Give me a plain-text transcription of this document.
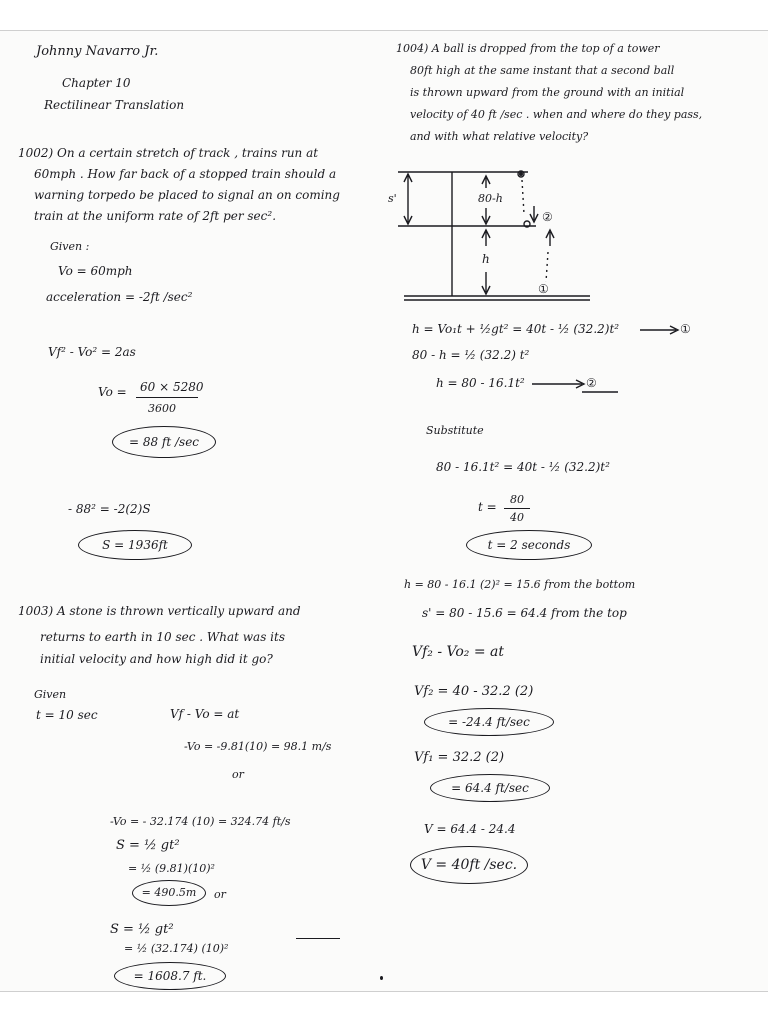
Johnny Navarro Jr.
Chapter 10
Rectilinear Translation
1002) On a certain stretch of track , trains run at
60mph . How far back of a stopped train should a
warning torpedo be placed to signal an on coming
train at the uniform rate of 2ft per sec².
Given :
Vo = 60mph
acceleration = -2ft /sec²
Vf² - Vo² = 2as
Vo = 60 × 5280
3600
= 88 ft /sec
- 88² = -2(2)S
S = 1936ft
1003) A stone is thrown vertically upward and
returns to earth in 10 sec . What was its
initial velocity and how high did it go?
Given
t = 10 sec	Vf - Vo = at
-Vo = -9.81(10) = 98.1 m/s
or
-Vo = - 32.174 (10) = 324.74 ft/s
S = ½ gt²
= ½ (9.81)(10)²
= 490.5m	or
S = ½ gt²
= ½ (32.174) (10)²
= 1608.7 ft.
1004) A ball is dropped from the top of a tower
80ft high at the same instant that a second ball
is thrown upward from the ground with an initial
velocity of 40 ft /sec . when and where do they pass,
and with what relative velocity?
s'	80-h
h
②
①
h = Vo₁t + ½gt² = 40t - ½ (32.2)t²	①
80 - h = ½ (32.2) t²
h = 80 - 16.1t²	②
Substitute
80 - 16.1t² = 40t - ½ (32.2)t²
t =
80
40
t = 2 seconds
h = 80 - 16.1 (2)² = 15.6 from the bottom
s' = 80 - 15.6 = 64.4 from the top
Vf₂ - Vo₂ = at
Vf₂ = 40 - 32.2 (2)
= -24.4 ft/sec
Vf₁ = 32.2 (2)
= 64.4 ft/sec
V = 64.4 - 24.4
V = 40ft /sec.
